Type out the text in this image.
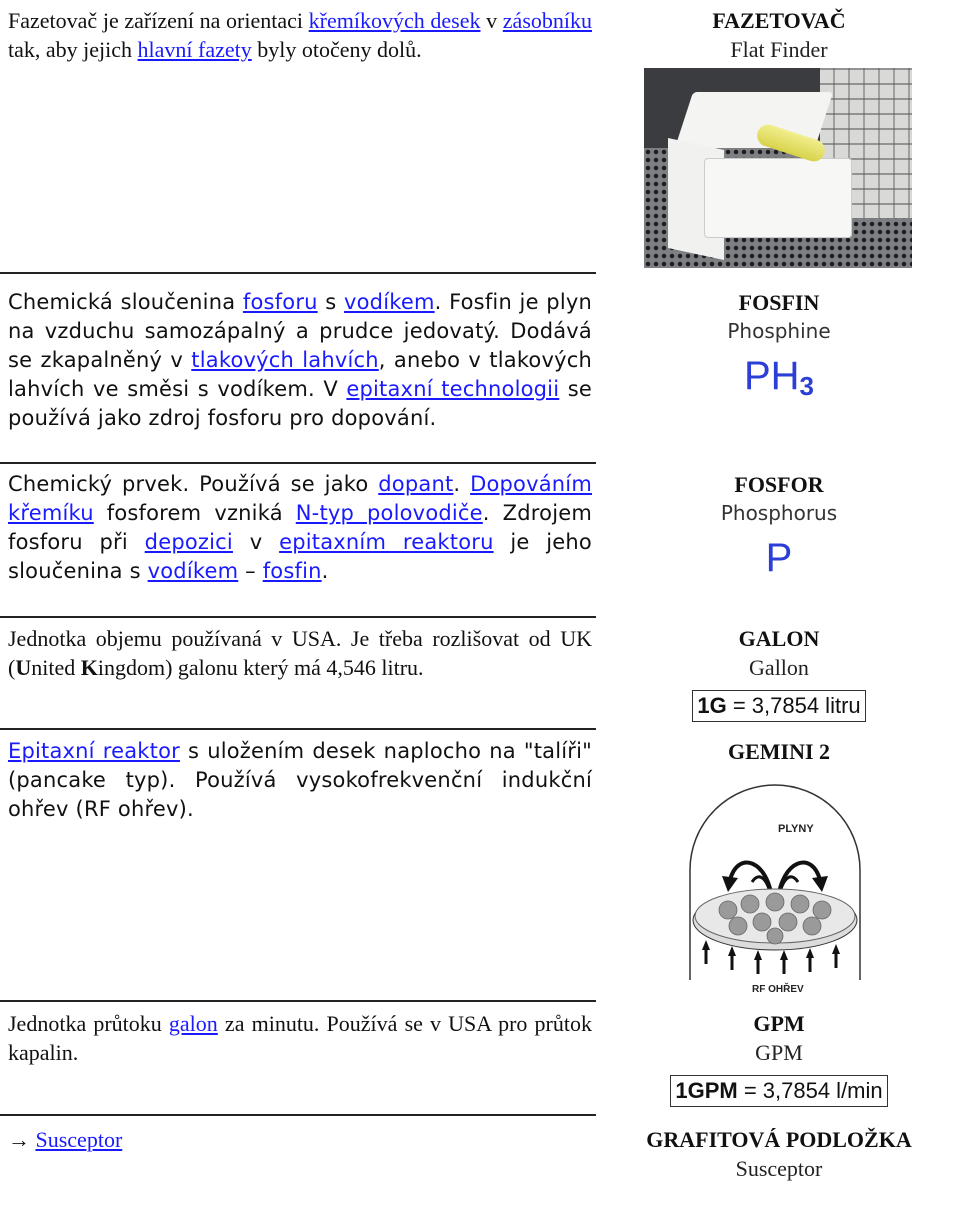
Fazetovač je zařízení na orientaci křemíkových desek v zásobníku tak, aby jejich hlavní fazety byly otočeny dolů.
FAZETOVAČ
Flat Finder
Chemická sloučenina fosforu s vodíkem. Fosfin je plyn na vzduchu samozápalný a prudce jedovatý. Dodává se zkapalněný v tlakových lahvích, anebo v tlakových lahvích ve směsi s vodíkem. V epitaxní technologii se používá jako zdroj fosforu pro dopování.
FOSFIN
Phosphine
$PH_3$
Chemický prvek. Používá se jako dopant. Dopováním křemíku fosforem vzniká N-typ polovodiče. Zdrojem fosforu při depozici v epitaxním reaktoru je jeho sloučenina s vodíkem – fosfin.
FOSFOR
Phosphorus
P
Jednotka objemu používaná v USA. Je třeba rozlišovat od UK (United Kingdom) galonu který má 4,546 litru.
GALON
Gallon
1G = 3,7854 litru
Epitaxní reaktor s uložením desek naplocho na "talíři" (pancake typ). Používá vysokofrekvenční indukční ohřev (RF ohřev).
GEMINI 2
PLYNY
RF OHŘEV
Jednotka průtoku galon za minutu. Používá se v USA pro průtok kapalin.
GPM
GPM
1GPM = 3,7854 l/min
→ Susceptor	GRAFITOVÁ PODLOŽKA
Susceptor
